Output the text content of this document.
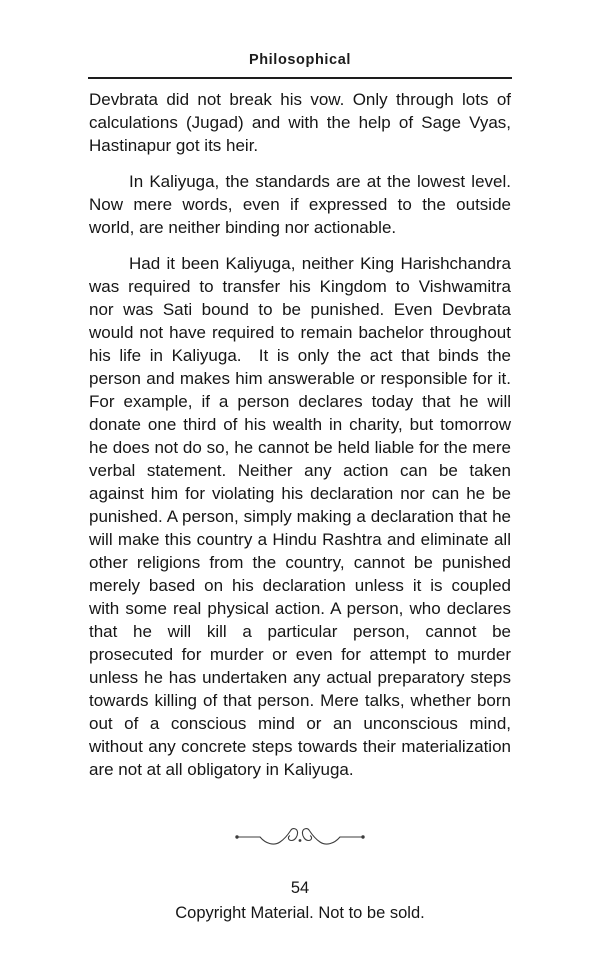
Philosophical

Devbrata did not break his vow. Only through lots of calculations (Jugad) and with the help of Sage Vyas, Hastinapur got its heir.

In Kaliyuga, the standards are at the lowest level. Now mere words, even if expressed to the outside world, are neither binding nor actionable.

Had it been Kaliyuga, neither King Harishchandra was required to transfer his Kingdom to Vishwamitra nor was Sati bound to be punished. Even Devbrata would not have required to remain bachelor throughout his life in Kaliyuga.  It is only the act that binds the person and makes him answerable or responsible for it. For example, if a person declares today that he will donate one third of his wealth in charity, but tomorrow he does not do so, he cannot be held liable for the mere verbal statement. Neither any action can be taken against him for violating his declaration nor can he be punished. A person, simply making a declaration that he will make this country a Hindu Rashtra and eliminate all other religions from the country, cannot be punished merely based on his declaration unless it is coupled with some real physical action. A person, who declares that he will kill a particular person, cannot be prosecuted for murder or even for attempt to murder unless he has undertaken any actual preparatory steps towards killing of that person. Mere talks, whether born out of a conscious mind or an unconscious mind, without any concrete steps towards their materialization are not at all obligatory in Kaliyuga.

54
Copyright Material. Not to be sold.
